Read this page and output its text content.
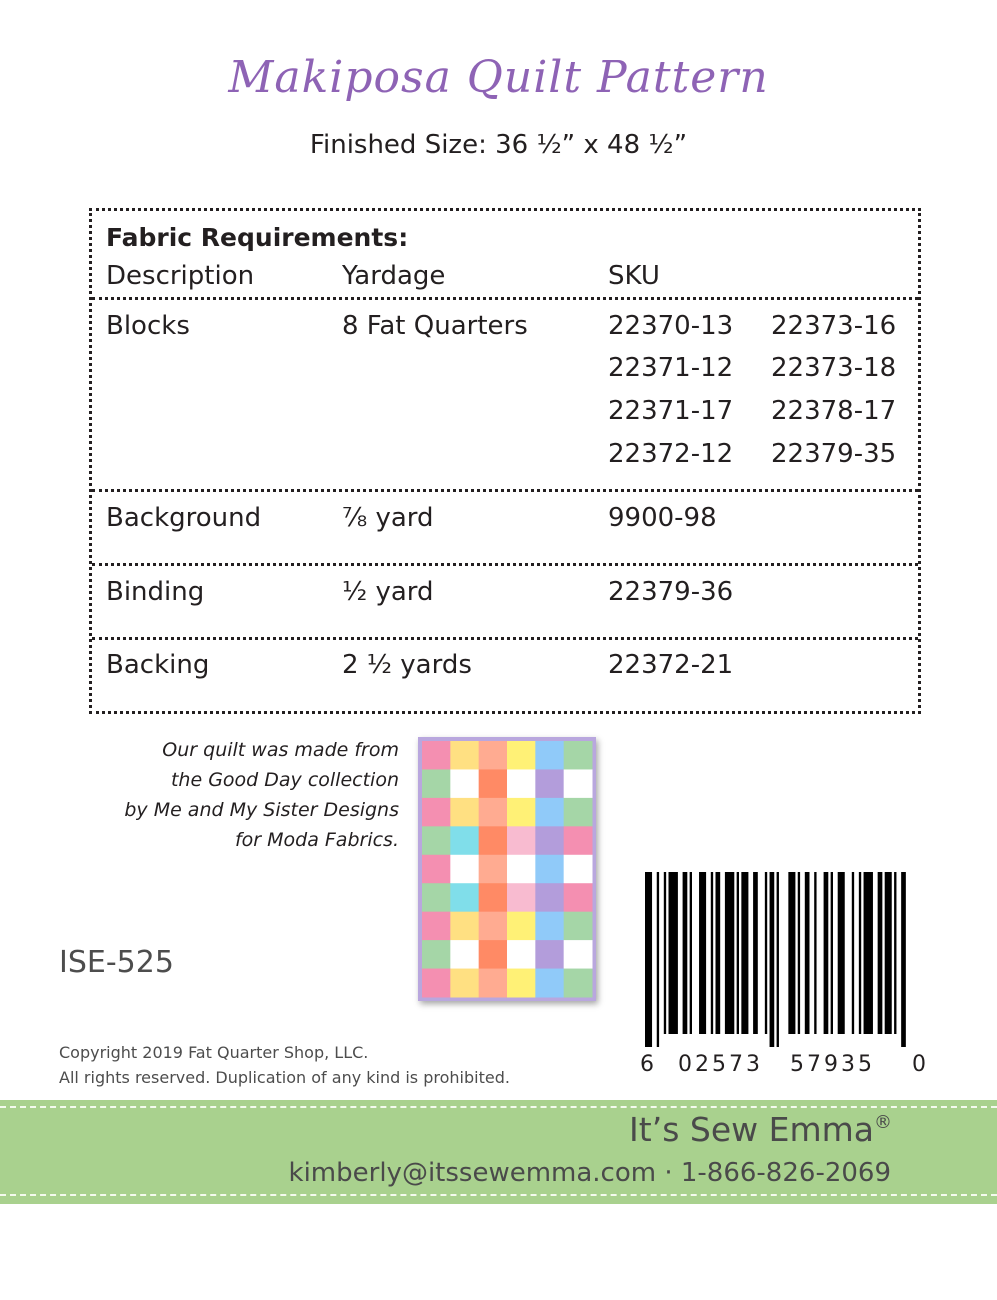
Makiposa Quilt Pattern
Finished Size: 36 ½” x 48 ½”
Fabric Requirements:
Description	Yardage	SKU
Blocks	8 Fat Quarters	22370-13 22373-16
22371-12 22373-18
22371-17 22378-17
22372-12 22379-35
Background	⅞ yard	9900-98
Binding	½ yard	22379-36
Backing	2 ½ yards	22372-21
Our quilt was made from
the Good Day collection
by Me and My Sister Designs
for Moda Fabrics.
6 02573 57935 0
ISE-525
Copyright 2019 Fat Quarter Shop, LLC.
All rights reserved. Duplication of any kind is prohibited.
It’s Sew Emma®
kimberly@itssewemma.com · 1-866-826-2069
